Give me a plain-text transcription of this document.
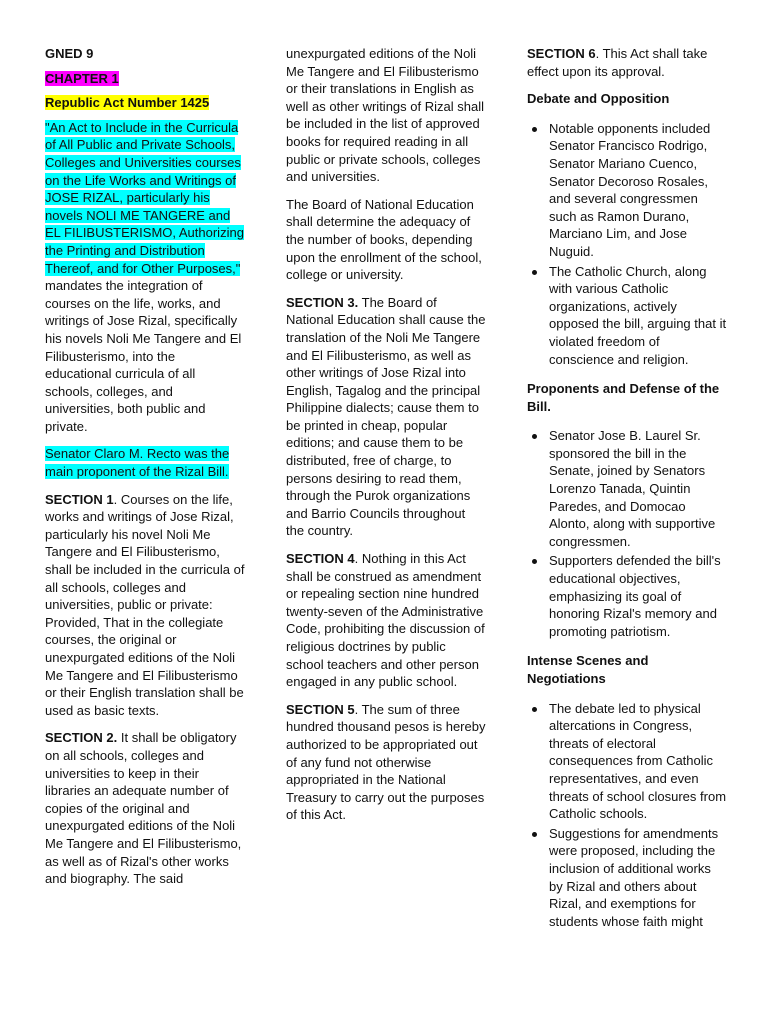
GNED 9

CHAPTER 1

Republic Act Number 1425

"An Act to Include in the Curricula of All Public and Private Schools, Colleges and Universities courses on the Life Works and Writings of JOSE RIZAL, particularly his novels NOLI ME TANGERE and EL FILIBUSTERISMO, Authorizing the Printing and Distribution Thereof, and for Other Purposes," mandates the integration of courses on the life, works, and writings of Jose Rizal, specifically his novels Noli Me Tangere and El Filibusterismo, into the educational curricula of all schools, colleges, and universities, both public and private.

Senator Claro M. Recto was the main proponent of the Rizal Bill.

SECTION 1. Courses on the life, works and writings of Jose Rizal, particularly his novel Noli Me Tangere and El Filibusterismo, shall be included in the curricula of all schools, colleges and universities, public or private: Provided, That in the collegiate courses, the original or unexpurgated editions of the Noli Me Tangere and El Filibusterismo or their English translation shall be used as basic texts.

SECTION 2. It shall be obligatory on all schools, colleges and universities to keep in their libraries an adequate number of copies of the original and unexpurgated editions of the Noli Me Tangere and El Filibusterismo, as well as of Rizal's other works and biography. The said

unexpurgated editions of the Noli Me Tangere and El Filibusterismo or their translations in English as well as other writings of Rizal shall be included in the list of approved books for required reading in all public or private schools, colleges and universities.

The Board of National Education shall determine the adequacy of the number of books, depending upon the enrollment of the school, college or university.

SECTION 3. The Board of National Education shall cause the translation of the Noli Me Tangere and El Filibusterismo, as well as other writings of Jose Rizal into English, Tagalog and the principal Philippine dialects; cause them to be printed in cheap, popular editions; and cause them to be distributed, free of charge, to persons desiring to read them, through the Purok organizations and Barrio Councils throughout the country.

SECTION 4. Nothing in this Act shall be construed as amendment or repealing section nine hundred twenty-seven of the Administrative Code, prohibiting the discussion of religious doctrines by public school teachers and other person engaged in any public school.

SECTION 5. The sum of three hundred thousand pesos is hereby authorized to be appropriated out of any fund not otherwise appropriated in the National Treasury to carry out the purposes of this Act.

SECTION 6. This Act shall take effect upon its approval.

Debate and Opposition

Notable opponents included Senator Francisco Rodrigo, Senator Mariano Cuenco, Senator Decoroso Rosales, and several congressmen such as Ramon Durano, Marciano Lim, and Jose Nuguid.
The Catholic Church, along with various Catholic organizations, actively opposed the bill, arguing that it violated freedom of conscience and religion.

Proponents and Defense of the Bill.

Senator Jose B. Laurel Sr. sponsored the bill in the Senate, joined by Senators Lorenzo Tanada, Quintin Paredes, and Domocao Alonto, along with supportive congressmen.
Supporters defended the bill's educational objectives, emphasizing its goal of honoring Rizal's memory and promoting patriotism.

Intense Scenes and Negotiations

The debate led to physical altercations in Congress, threats of electoral consequences from Catholic representatives, and even threats of school closures from Catholic schools.
Suggestions for amendments were proposed, including the inclusion of additional works by Rizal and others about Rizal, and exemptions for students whose faith might
